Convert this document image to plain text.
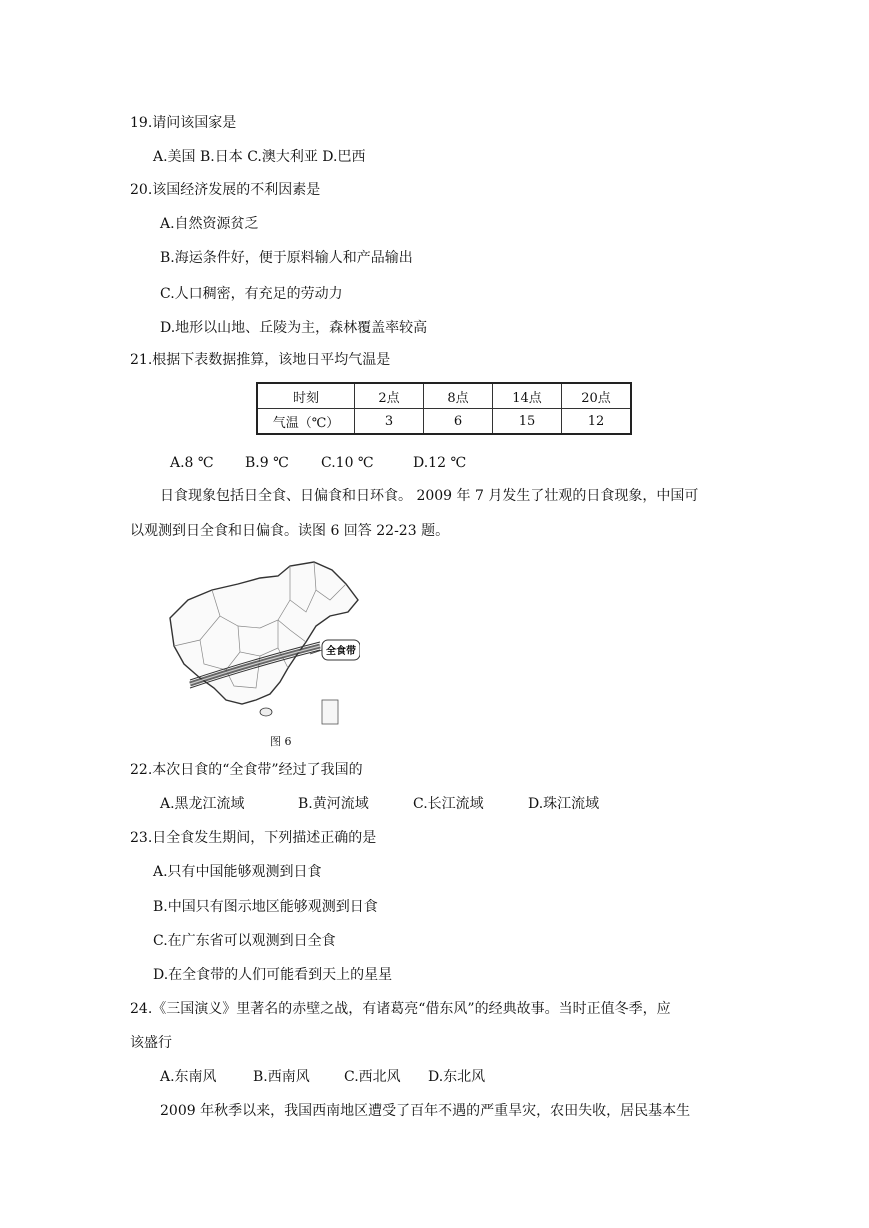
19.请问该国家是
A.美国 B.日本 C.澳大利亚 D.巴西
20.该国经济发展的不利因素是
A.自然资源贫乏
B.海运条件好，便于原料输人和产品输出
C.人口稠密，有充足的劳动力
D.地形以山地、丘陵为主，森林覆盖率较高
21.根据下表数据推算，该地日平均气温是
时刻	2点	8点	14点	20点
气温（℃）	3	6	15	12
A.8 ℃ B.9 ℃ C.10 ℃	D.12 ℃
日食现象包括日全食、日偏食和日环食。 2009 年 7 月发生了壮观的日食现象，中国可
以观测到日全食和日偏食。读图 6 回答 22-23 题。
全食带
图 6
22.本次日食的“全食带”经过了我国的
A.黑龙江流域	B.黄河流域	C.长江流域	D.珠江流域
23.日全食发生期间，下列描述正确的是
A.只有中国能够观测到日食
B.中国只有图示地区能够观测到日食
C.在广东省可以观测到日全食
D.在全食带的人们可能看到天上的星星
24.《三国演义》里著名的赤壁之战，有诸葛亮“借东风”的经典故事。当时正值冬季，应
该盛行
A.东南风	B.西南风 C.西北风 D.东北风
2009 年秋季以来，我国西南地区遭受了百年不遇的严重旱灾，农田失收，居民基本生
